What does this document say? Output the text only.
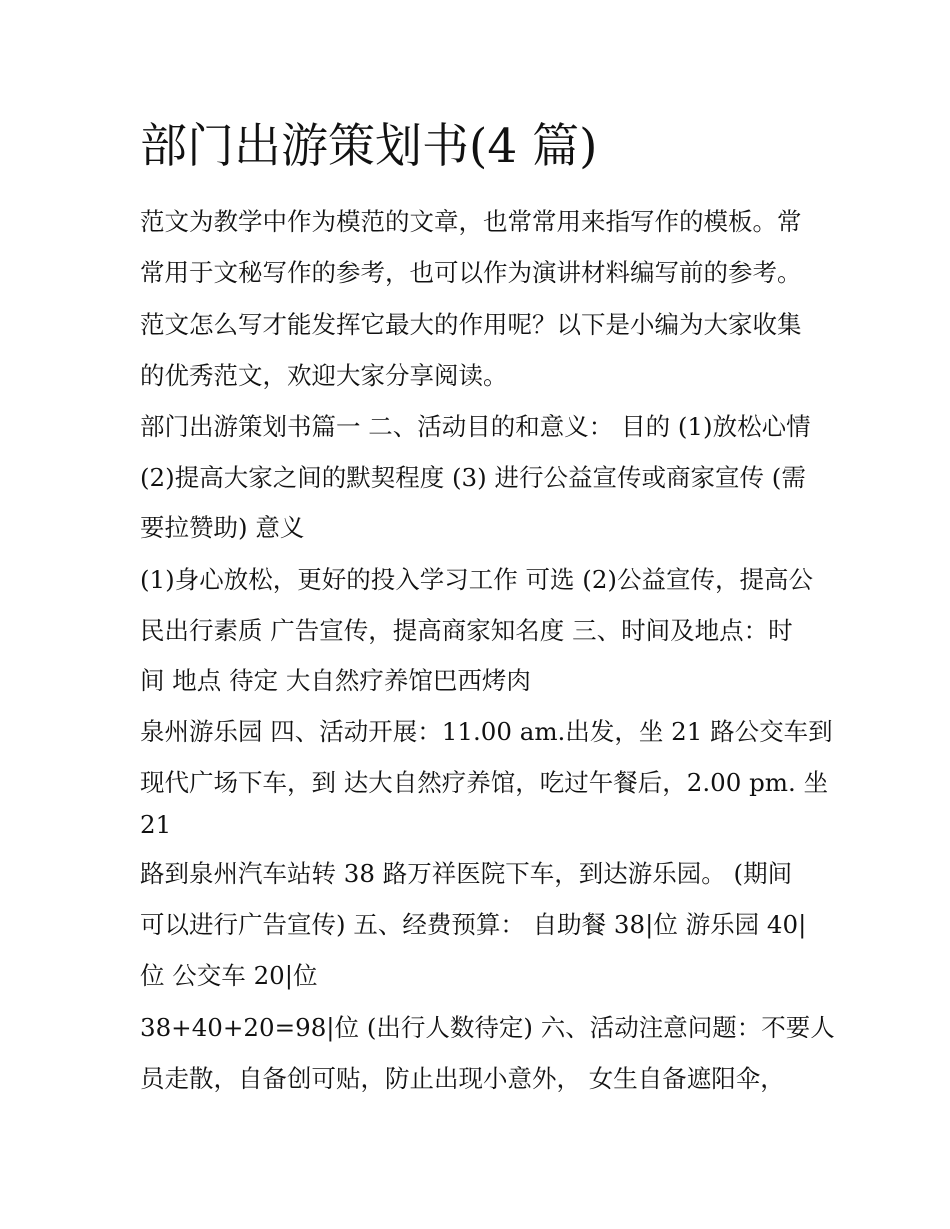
部门出游策划书(4 篇)

范文为教学中作为模范的文章，也常常用来指写作的模板。常

常用于文秘写作的参考，也可以作为演讲材料编写前的参考。

范文怎么写才能发挥它最大的作用呢？以下是小编为大家收集

的优秀范文，欢迎大家分享阅读。

部门出游策划书篇一 二、活动目的和意义： 目的 (1)放松心情

(2)提高大家之间的默契程度 (3) 进行公益宣传或商家宣传 (需

要拉赞助) 意义

(1)身心放松，更好的投入学习工作 可选 (2)公益宣传，提高公

民出行素质 广告宣传，提高商家知名度 三、时间及地点：时

间 地点 待定 大自然疗养馆巴西烤肉

泉州游乐园 四、活动开展：11.00 am.出发，坐 21 路公交车到

现代广场下车，到 达大自然疗养馆，吃过午餐后，2.00 pm. 坐

21

路到泉州汽车站转 38 路万祥医院下车，到达游乐园。 (期间

可以进行广告宣传) 五、经费预算： 自助餐 38|位 游乐园 40|

位 公交车 20|位

38+40+20=98|位 (出行人数待定) 六、活动注意问题：不要人

员走散，自备创可贴，防止出现小意外， 女生自备遮阳伞，
